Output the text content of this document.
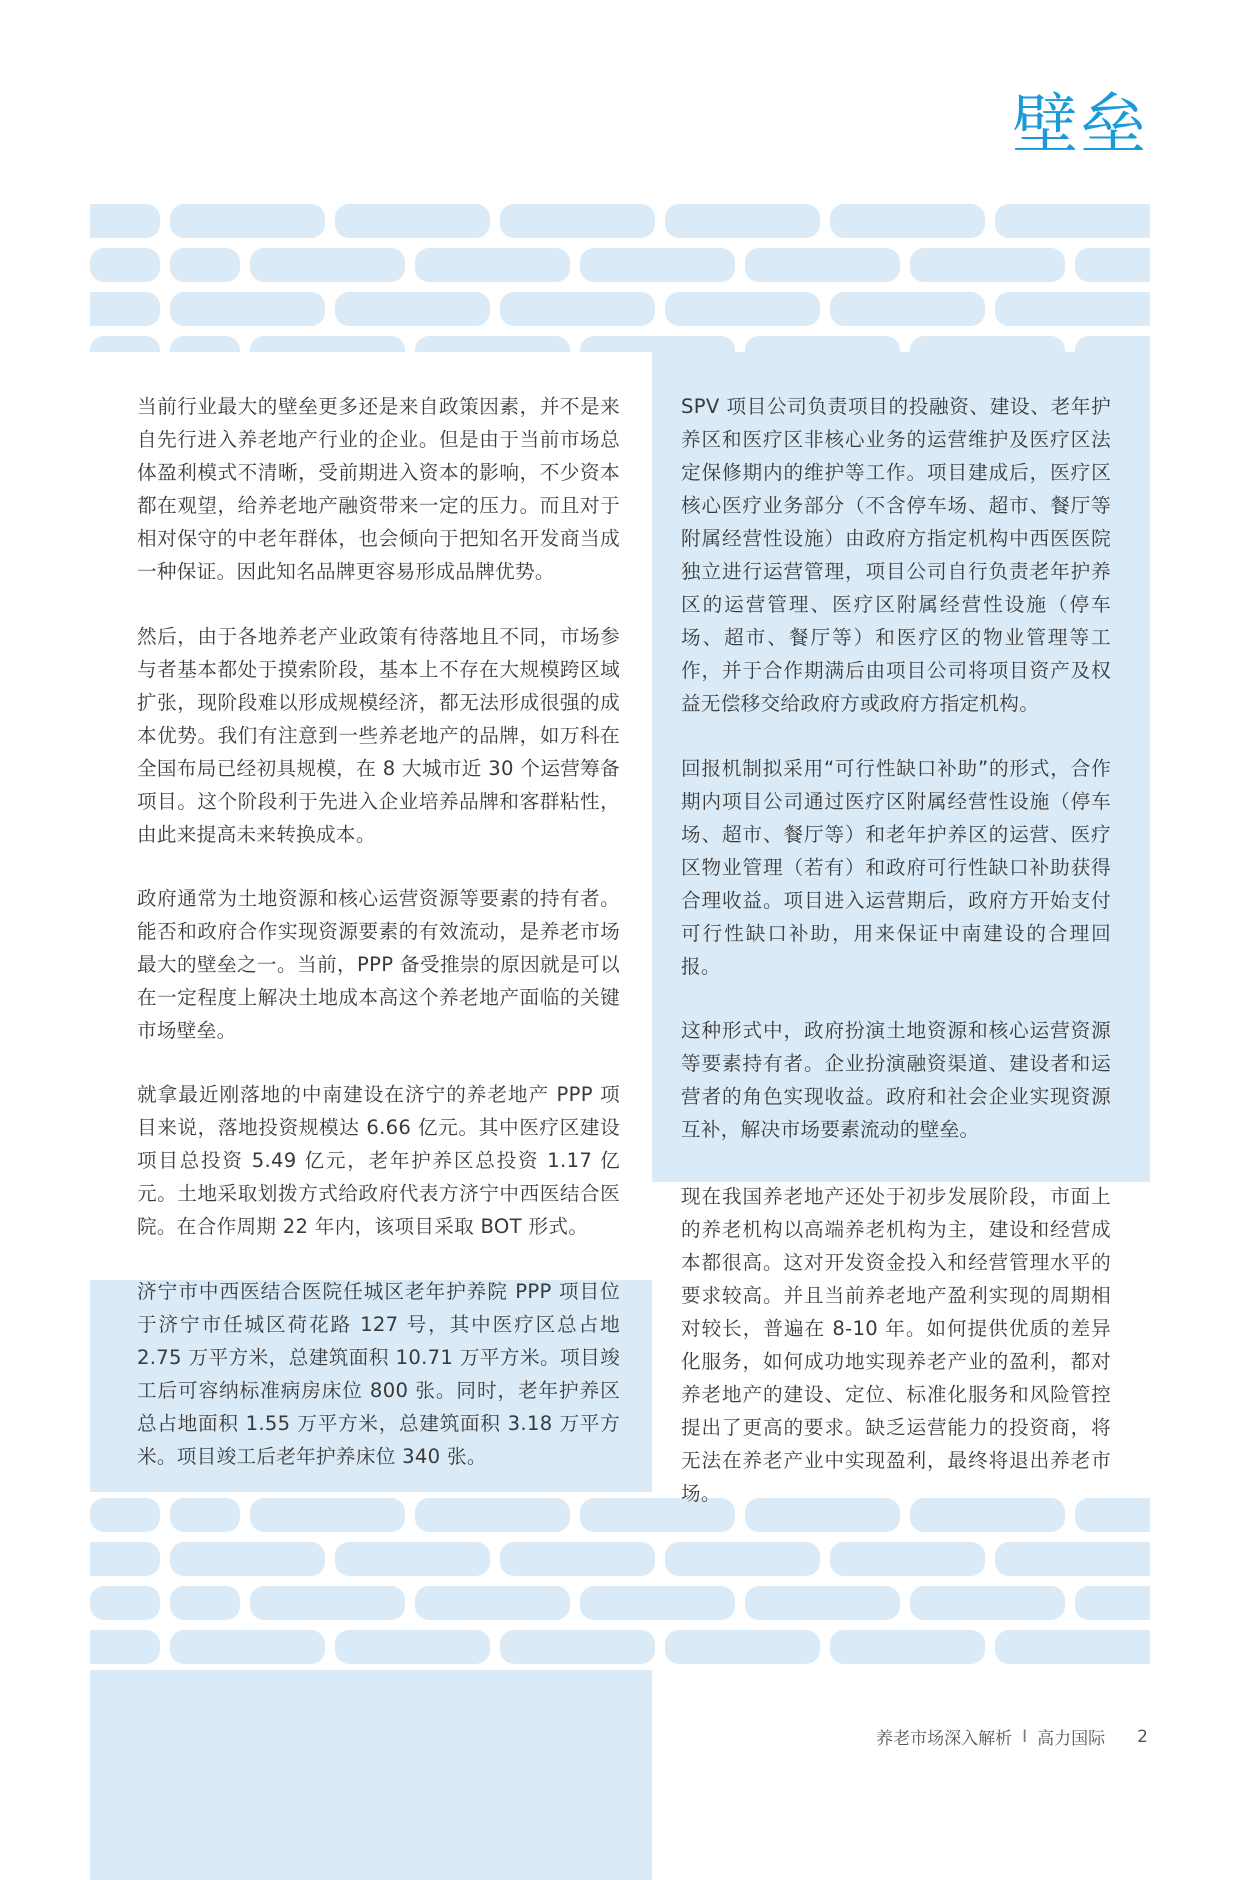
壁垒

当前行业最大的壁垒更多还是来自政策因素，并不是来自先行进入养老地产行业的企业。但是由于当前市场总体盈利模式不清晰，受前期进入资本的影响，不少资本都在观望，给养老地产融资带来一定的压力。而且对于相对保守的中老年群体，也会倾向于把知名开发商当成一种保证。因此知名品牌更容易形成品牌优势。

然后，由于各地养老产业政策有待落地且不同，市场参与者基本都处于摸索阶段，基本上不存在大规模跨区域扩张，现阶段难以形成规模经济，都无法形成很强的成本优势。我们有注意到一些养老地产的品牌，如万科在全国布局已经初具规模，在 8 大城市近 30 个运营筹备项目。这个阶段利于先进入企业培养品牌和客群粘性，由此来提高未来转换成本。

政府通常为土地资源和核心运营资源等要素的持有者。能否和政府合作实现资源要素的有效流动，是养老市场最大的壁垒之一。当前，PPP 备受推崇的原因就是可以在一定程度上解决土地成本高这个养老地产面临的关键市场壁垒。

就拿最近刚落地的中南建设在济宁的养老地产 PPP 项目来说，落地投资规模达 6.66 亿元。其中医疗区建设项目总投资 5.49 亿元，老年护养区总投资 1.17 亿元。土地采取划拨方式给政府代表方济宁中西医结合医院。在合作周期 22 年内，该项目采取 BOT 形式。

济宁市中西医结合医院任城区老年护养院 PPP 项目位于济宁市任城区荷花路 127 号，其中医疗区总占地 2.75 万平方米，总建筑面积 10.71 万平方米。项目竣工后可容纳标准病房床位 800 张。同时，老年护养区总占地面积 1.55 万平方米，总建筑面积 3.18 万平方米。项目竣工后老年护养床位 340 张。

SPV 项目公司负责项目的投融资、建设、老年护养区和医疗区非核心业务的运营维护及医疗区法定保修期内的维护等工作。项目建成后，医疗区核心医疗业务部分（不含停车场、超市、餐厅等附属经营性设施）由政府方指定机构中西医医院独立进行运营管理，项目公司自行负责老年护养区的运营管理、医疗区附属经营性设施（停车场、超市、餐厅等）和医疗区的物业管理等工作，并于合作期满后由项目公司将项目资产及权益无偿移交给政府方或政府方指定机构。

回报机制拟采用“可行性缺口补助”的形式，合作期内项目公司通过医疗区附属经营性设施（停车场、超市、餐厅等）和老年护养区的运营、医疗区物业管理（若有）和政府可行性缺口补助获得合理收益。项目进入运营期后，政府方开始支付可行性缺口补助，用来保证中南建设的合理回报。

这种形式中，政府扮演土地资源和核心运营资源等要素持有者。企业扮演融资渠道、建设者和运营者的角色实现收益。政府和社会企业实现资源互补，解决市场要素流动的壁垒。

现在我国养老地产还处于初步发展阶段，市面上的养老机构以高端养老机构为主，建设和经营成本都很高。这对开发资金投入和经营管理水平的要求较高。并且当前养老地产盈利实现的周期相对较长，普遍在 8-10 年。如何提供优质的差异化服务，如何成功地实现养老产业的盈利，都对养老地产的建设、定位、标准化服务和风险管控提出了更高的要求。缺乏运营能力的投资商，将无法在养老产业中实现盈利，最终将退出养老市场。

养老市场深入解析 I 高力国际 2
